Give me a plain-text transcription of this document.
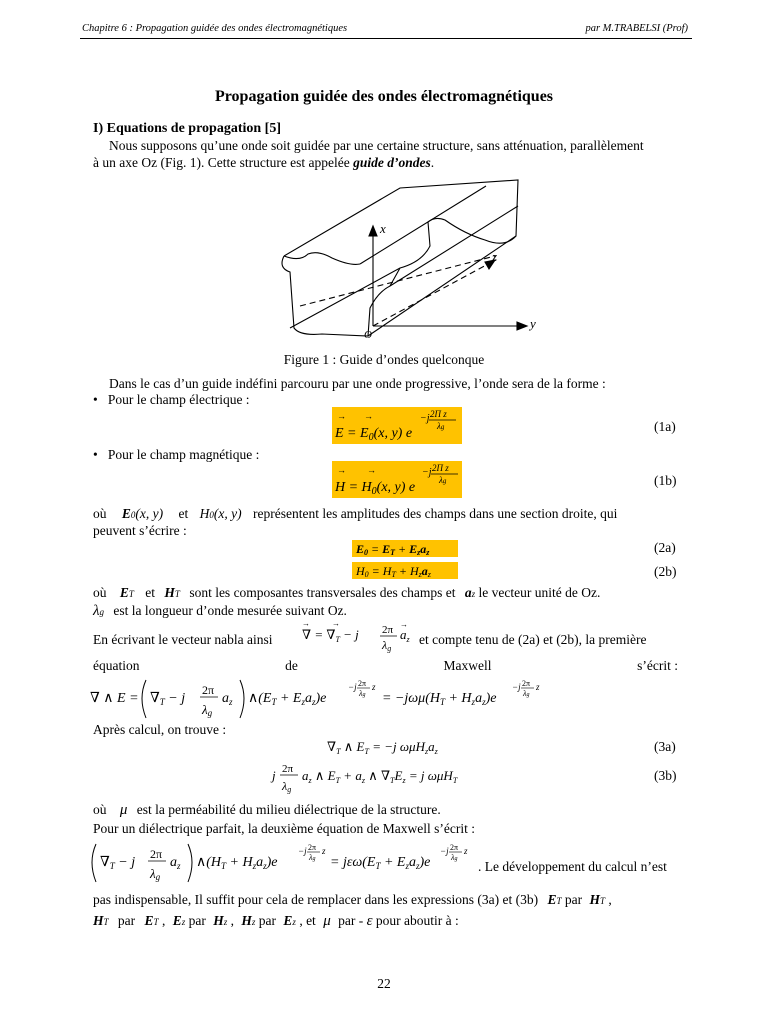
Chapitre 6 : Propagation guidée des ondes électromagnétiques	par M.TRABELSI (Prof)
Propagation guidée des ondes électromagnétiques
I) Equations de propagation [5]
Nous supposons qu’une onde soit guidée par une certaine structure, sans atténuation, parallèlement
à un axe Oz (Fig. 1). Cette structure est appelée guide d’ondes.
x
y
z
O
Figure 1 : Guide d’ondes quelconque
Dans le cas d’un guide indéfini parcouru par une onde progressive, l’onde sera de la forme :
•   Pour le champ électrique :
$E = E_0(x$, y) e
−j 2Π z
λg
→ →
(1a)
•   Pour le champ magnétique :
$H = H_0(x$, y) e
−j 2Π z
λg
→ →
(1b)
où E0(x, y) et H0(x, y) représentent les amplitudes des champs dans une section droite, qui
peuvent s’écrire :
E0 = ET + Ezaz	(2a)
H0 = HT + Hzaz	(2b)
où ET et HT sont les composantes transversales des champs et az le vecteur unité de Oz.
λg est la longueur d’onde mesurée suivant Oz.
En écrivant le vecteur nabla ainsi ∇ = $\nabla_T - j$ 2π
λg
$a_z$
→	→	→
et compte tenu de (2a) et (2b), la première
équation	de	Maxwell	s’écrit :
∇ ∧ $E = \nabla_T - j$
2π
λg
$a_z$ $\wedge(E_T + E_za_z)e$
−j 2π
λg
z
= $-j\omega\mu(H_T + H_za_z)e$
−j 2π
λg
z
Après calcul, on trouve :
$\nabla_T$ ∧ $E_T = -j$ $\omega\mu H_za_z$	(3a)
j 2π
λg
$a_z$ ∧ $E_T + a_z$ ∧ $\nabla_TE_z = j$ ωμH$_T$	(3b)
où μ est la perméabilité du milieu diélectrique de la structure.
Pour un diélectrique parfait, la deuxième équation de Maxwell s’écrit :
$\nabla_T - j$
2π
λg
$a_z$ $\wedge(H_T + H_za_z)e$
−j 2π
λg
z
= $j\varepsilon\omega(E_T + E_za_z)e$
−j 2π
λg
z
. Le développement du calcul n’est
pas indispensable, Il suffit pour cela de remplacer dans les expressions (3a) et (3b) ET par HT ,
HT par ET , Ez par Hz , Hz par Ez , et μ par - ε pour aboutir à :
22
